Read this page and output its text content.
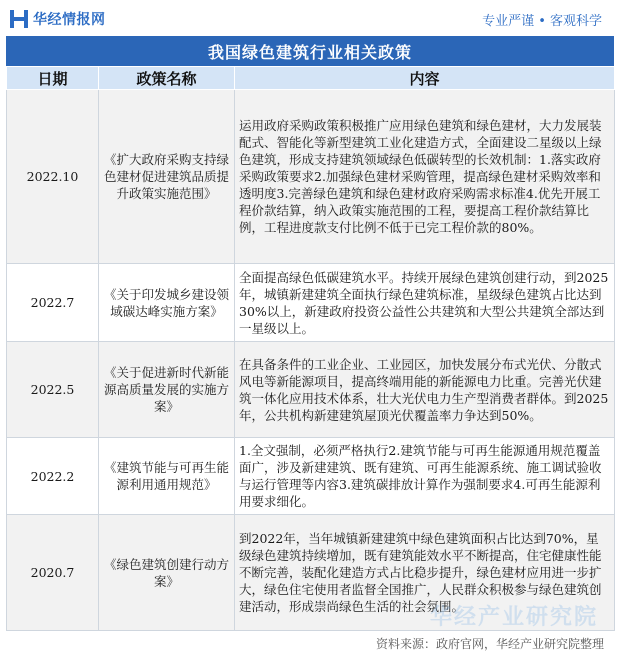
华经情报网	专业严谨 • 客观科学
我国绿色建筑行业相关政策
日期	政策名称	内容
2022.10	《扩大政府采购支持绿色建材促进建筑品质提升政策实施范围》	运用政府采购政策积极推广应用绿色建筑和绿色建材，大力发展装配式、智能化等新型建筑工业化建造方式，全面建设二星级以上绿色建筑，形成支持建筑领域绿色低碳转型的长效机制：1.落实政府采购政策要求2.加强绿色建材采购管理，提高绿色建材采购效率和透明度3.完善绿色建筑和绿色建材政府采购需求标准4.优先开展工程价款结算，纳入政策实施范围的工程，要提高工程价款结算比例，工程进度款支付比例不低于已完工程价款的80%。
2022.7	《关于印发城乡建设领域碳达峰实施方案》	全面提高绿色低碳建筑水平。持续开展绿色建筑创建行动，到2025年，城镇新建建筑全面执行绿色建筑标准，星级绿色建筑占比达到30%以上，新建政府投资公益性公共建筑和大型公共建筑全部达到一星级以上。
2022.5	《关于促进新时代新能源高质量发展的实施方案》	在具备条件的工业企业、工业园区，加快发展分布式光伏、分散式风电等新能源项目，提高终端用能的新能源电力比重。完善光伏建筑一体化应用技术体系，壮大光伏电力生产型消费者群体。到2025年，公共机构新建建筑屋顶光伏覆盖率力争达到50%。
2022.2	《建筑节能与可再生能源利用通用规范》	1.全文强制，必须严格执行2.建筑节能与可再生能源通用规范覆盖面广，涉及新建建筑、既有建筑、可再生能源系统、施工调试验收与运行管理等内容3.建筑碳排放计算作为强制要求4.可再生能源利用要求细化。
2020.7	《绿色建筑创建行动方案》	到2022年，当年城镇新建建筑中绿色建筑面积占比达到70%，星级绿色建筑持续增加，既有建筑能效水平不断提高，住宅健康性能不断完善，装配化建造方式占比稳步提升，绿色建材应用进一步扩大，绿色住宅使用者监督全国推广，人民群众积极参与绿色建筑创建活动，形成崇尚绿色生活的社会氛围。
华经产业研究院
资料来源：政府官网，华经产业研究院整理
